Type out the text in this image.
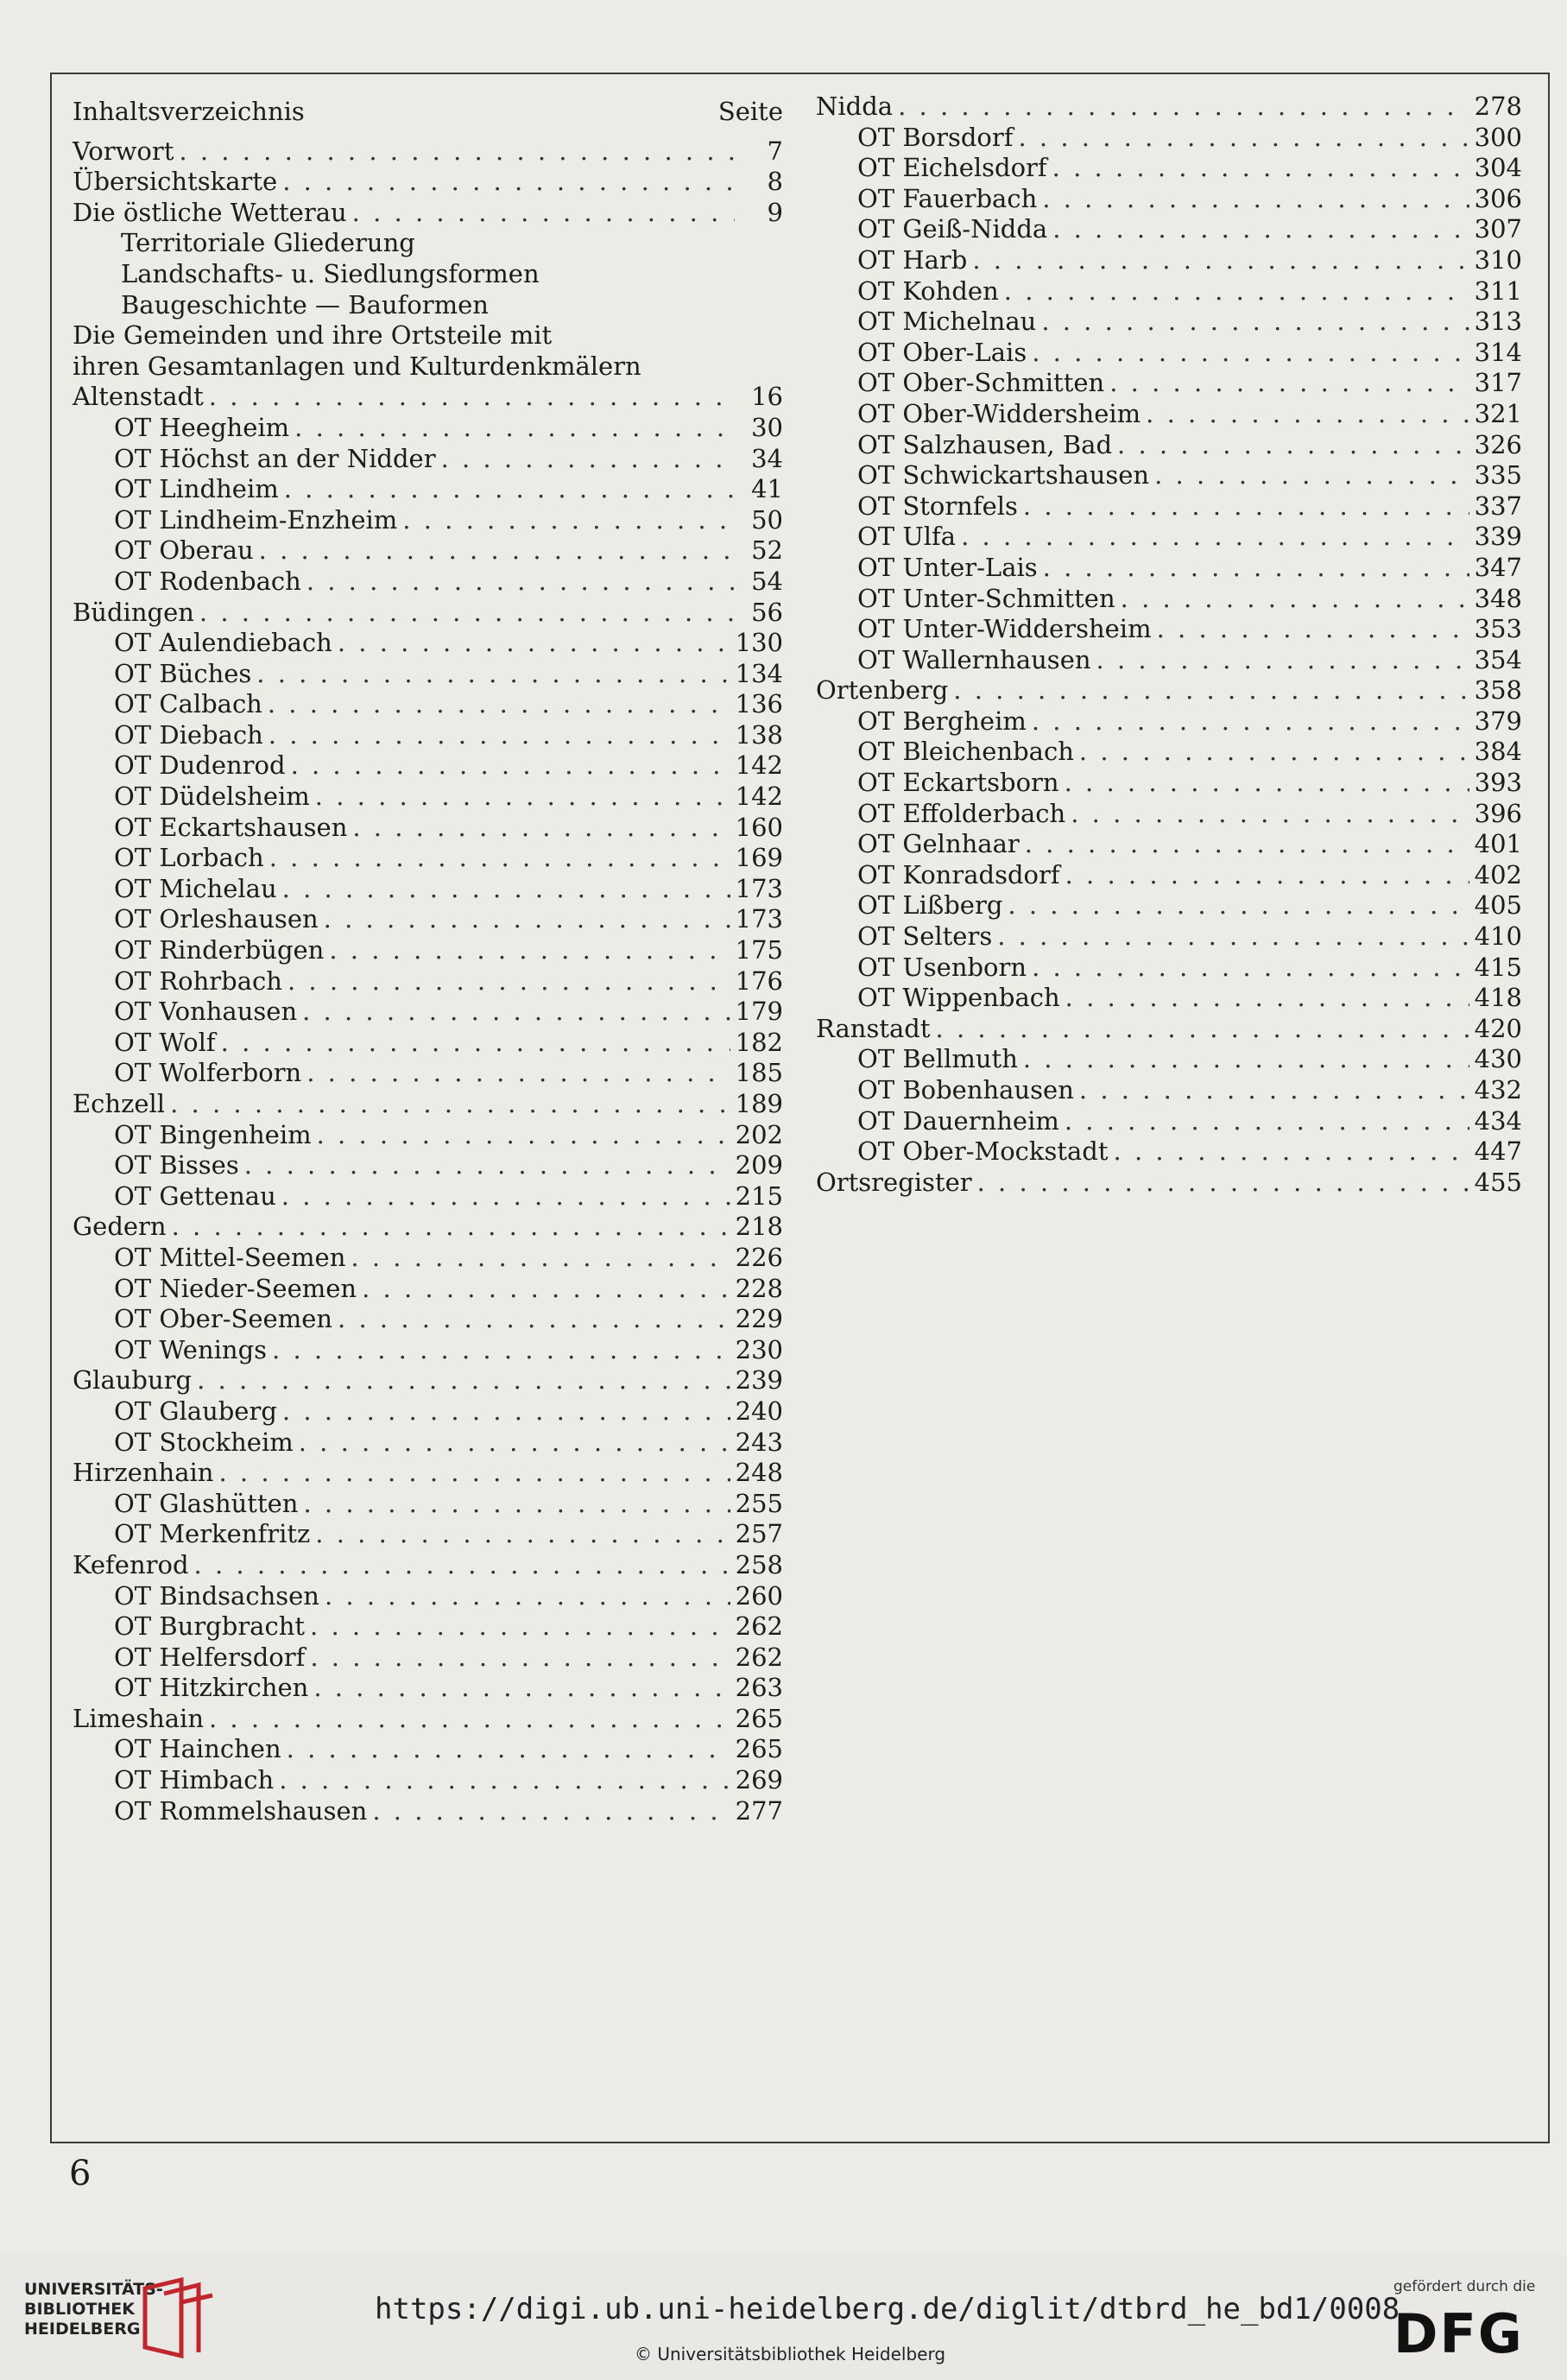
Inhaltsverzeichnis	Seite
Vorwort . . .	7
Übersichtskarte . . .	8
Die östliche Wetterau . . .	9
Territoriale Gliederung
Landschafts- u. Siedlungsformen
Baugeschichte — Bauformen
Die Gemeinden und ihre Ortsteile mit
ihren Gesamtanlagen und Kulturdenkmälern
Altenstadt . . .	16
OT Heegheim . . .	30
OT Höchst an der Nidder . . .	34
OT Lindheim . . .	41
OT Lindheim-Enzheim . . .	50
OT Oberau . . .	52
OT Rodenbach . . .	54
Büdingen . . .	56
OT Aulendiebach . . .	130
OT Büches . . .	134
OT Calbach . . .	136
OT Diebach . . .	138
OT Dudenrod . . .	142
OT Düdelsheim . . .	142
OT Eckartshausen . . .	160
OT Lorbach . . .	169
OT Michelau . . .	173
OT Orleshausen . . .	173
OT Rinderbügen . . .	175
OT Rohrbach . . .	176
OT Vonhausen . . .	179
OT Wolf . . .	182
OT Wolferborn . . .	185
Echzell . . .	189
OT Bingenheim . . .	202
OT Bisses . . .	209
OT Gettenau . . .	215
Gedern . . .	218
OT Mittel-Seemen . . .	226
OT Nieder-Seemen . . .	228
OT Ober-Seemen . . .	229
OT Wenings . . .	230
Glauburg . . .	239
OT Glauberg . . .	240
OT Stockheim . . .	243
Hirzenhain . . .	248
OT Glashütten . . .	255
OT Merkenfritz . . .	257
Kefenrod . . .	258
OT Bindsachsen . . .	260
OT Burgbracht . . .	262
OT Helfersdorf . . .	262
OT Hitzkirchen . . .	263
Limeshain . . .	265
OT Hainchen . . .	265
OT Himbach . . .	269
OT Rommelshausen . . .	277
Nidda . . .	278
OT Borsdorf . . .	300
OT Eichelsdorf . . .	304
OT Fauerbach . . .	306
OT Geiß-Nidda . . .	307
OT Harb . . .	310
OT Kohden . . .	311
OT Michelnau . . .	313
OT Ober-Lais . . .	314
OT Ober-Schmitten . . .	317
OT Ober-Widdersheim . . .	321
OT Salzhausen, Bad . . .	326
OT Schwickartshausen . . .	335
OT Stornfels . . .	337
OT Ulfa . . .	339
OT Unter-Lais . . .	347
OT Unter-Schmitten . . .	348
OT Unter-Widdersheim . . .	353
OT Wallernhausen . . .	354
Ortenberg . . .	358
OT Bergheim . . .	379
OT Bleichenbach . . .	384
OT Eckartsborn . . .	393
OT Effolderbach . . .	396
OT Gelnhaar . . .	401
OT Konradsdorf . . .	402
OT Lißberg . . .	405
OT Selters . . .	410
OT Usenborn . . .	415
OT Wippenbach . . .	418
Ranstadt . . .	420
OT Bellmuth . . .	430
OT Bobenhausen . . .	432
OT Dauernheim . . .	434
OT Ober-Mockstadt . . .	447
Ortsregister . . .	455
6
UNIVERSITÄTS-
BIBLIOTHEK
HEIDELBERG
https://digi.ub.uni-heidelberg.de/diglit/dtbrd_he_bd1/0008
© Universitätsbibliothek Heidelberg
gefördert durch die
DFG
